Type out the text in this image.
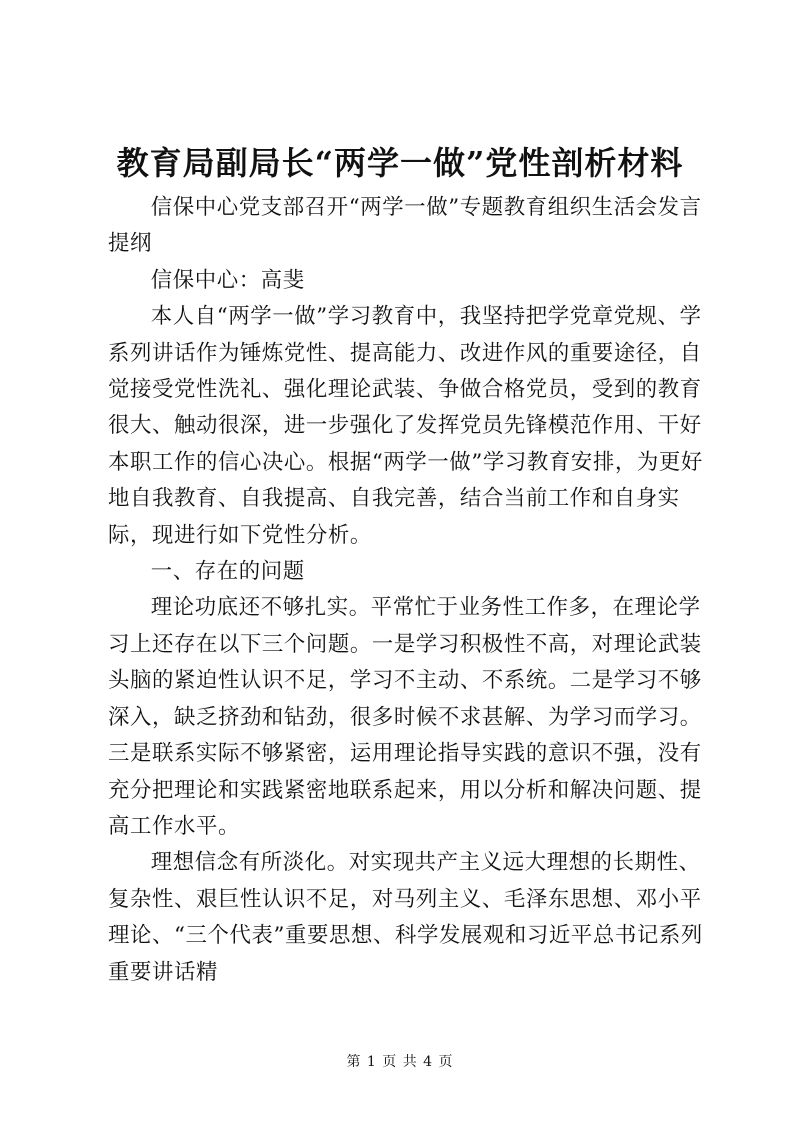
教育局副局长“两学一做”党性剖析材料

信保中心党支部召开“两学一做”专题教育组织生活会发言提纲

信保中心：高斐

本人自“两学一做”学习教育中，我坚持把学党章党规、学系列讲话作为锤炼党性、提高能力、改进作风的重要途径，自觉接受党性洗礼、强化理论武装、争做合格党员，受到的教育很大、触动很深，进一步强化了发挥党员先锋模范作用、干好本职工作的信心决心。根据“两学一做”学习教育安排，为更好地自我教育、自我提高、自我完善，结合当前工作和自身实际，现进行如下党性分析。

一、存在的问题

理论功底还不够扎实。平常忙于业务性工作多，在理论学习上还存在以下三个问题。一是学习积极性不高，对理论武装头脑的紧迫性认识不足，学习不主动、不系统。二是学习不够深入，缺乏挤劲和钻劲，很多时候不求甚解、为学习而学习。三是联系实际不够紧密，运用理论指导实践的意识不强，没有充分把理论和实践紧密地联系起来，用以分析和解决问题、提高工作水平。

理想信念有所淡化。对实现共产主义远大理想的长期性、复杂性、艰巨性认识不足，对马列主义、毛泽东思想、邓小平理论、“三个代表”重要思想、科学发展观和习近平总书记系列重要讲话精

第 1 页 共 4 页
